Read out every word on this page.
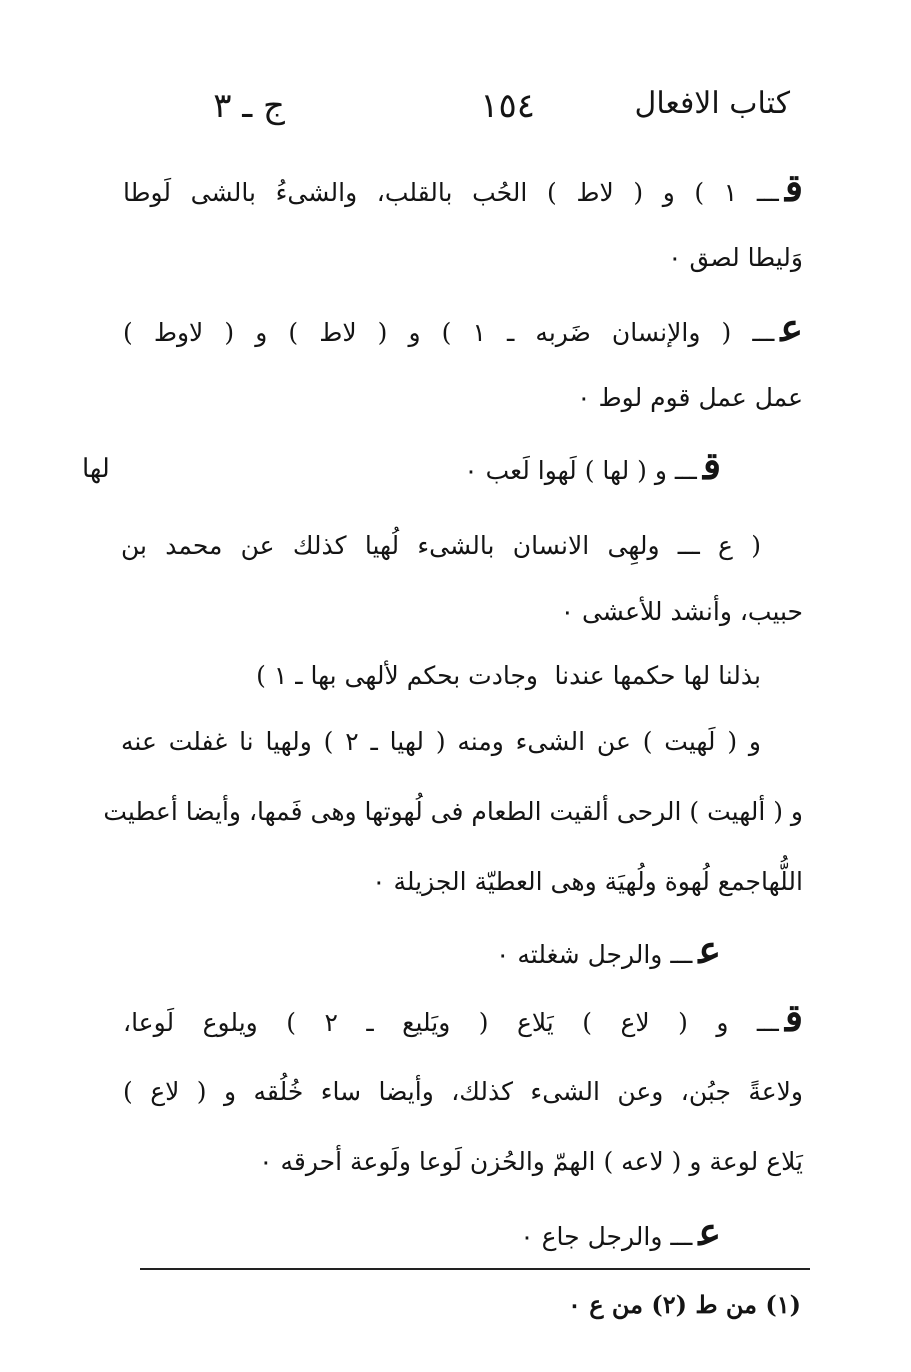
كتاب الافعال
١٥٤
ج ـ ٣
قـــ ١ ) و ( لاط ) الحُب بالقلب، والشىءُ بالشى لَوطا
وَليطا لصق ٠
عـــ ( والإنسان ضَربه ـ ١ ) و ( لاط ) و ( لاوط )
عمل عمل قوم لوط ٠
قـــ و ( لها ) لَهوا لَعب ٠
لها
( ع ـــ ولهِى الانسان بالشىء لُهيا كذلك عن محمد بن
حبيب، وأنشد للأعشى ٠
بذلنا لها حكمها عندنا
وجادت بحكم لألهى بها ـ ١ )
و ( لَهيت ) عن الشىء ومنه ( لهيا ـ ٢ ) ولهيا نا غفلت عنه
و ( ألهيت ) الرحى ألقيت الطعام فى لُهوتها وهى فَمها، وأيضا أعطيت
اللُّهاجمع لُهوة ولُهيَة وهى العطيّة الجزيلة ٠
عـــ والرجل شغلته ٠
قـــ و ( لاع ) يَلاع ( ويَليع ـ ٢ ) ويلوع لَوعا،
ولاعةً جبُن، وعن الشىء كذلك، وأيضا ساء خُلُقه و ( لاع )
يَلاع لوعة و ( لاعه ) الهمّ والحُزن لَوعا ولَوعة أحرقه ٠
عـــ والرجل جاع ٠
(١) من ط (٢) من ع ٠
